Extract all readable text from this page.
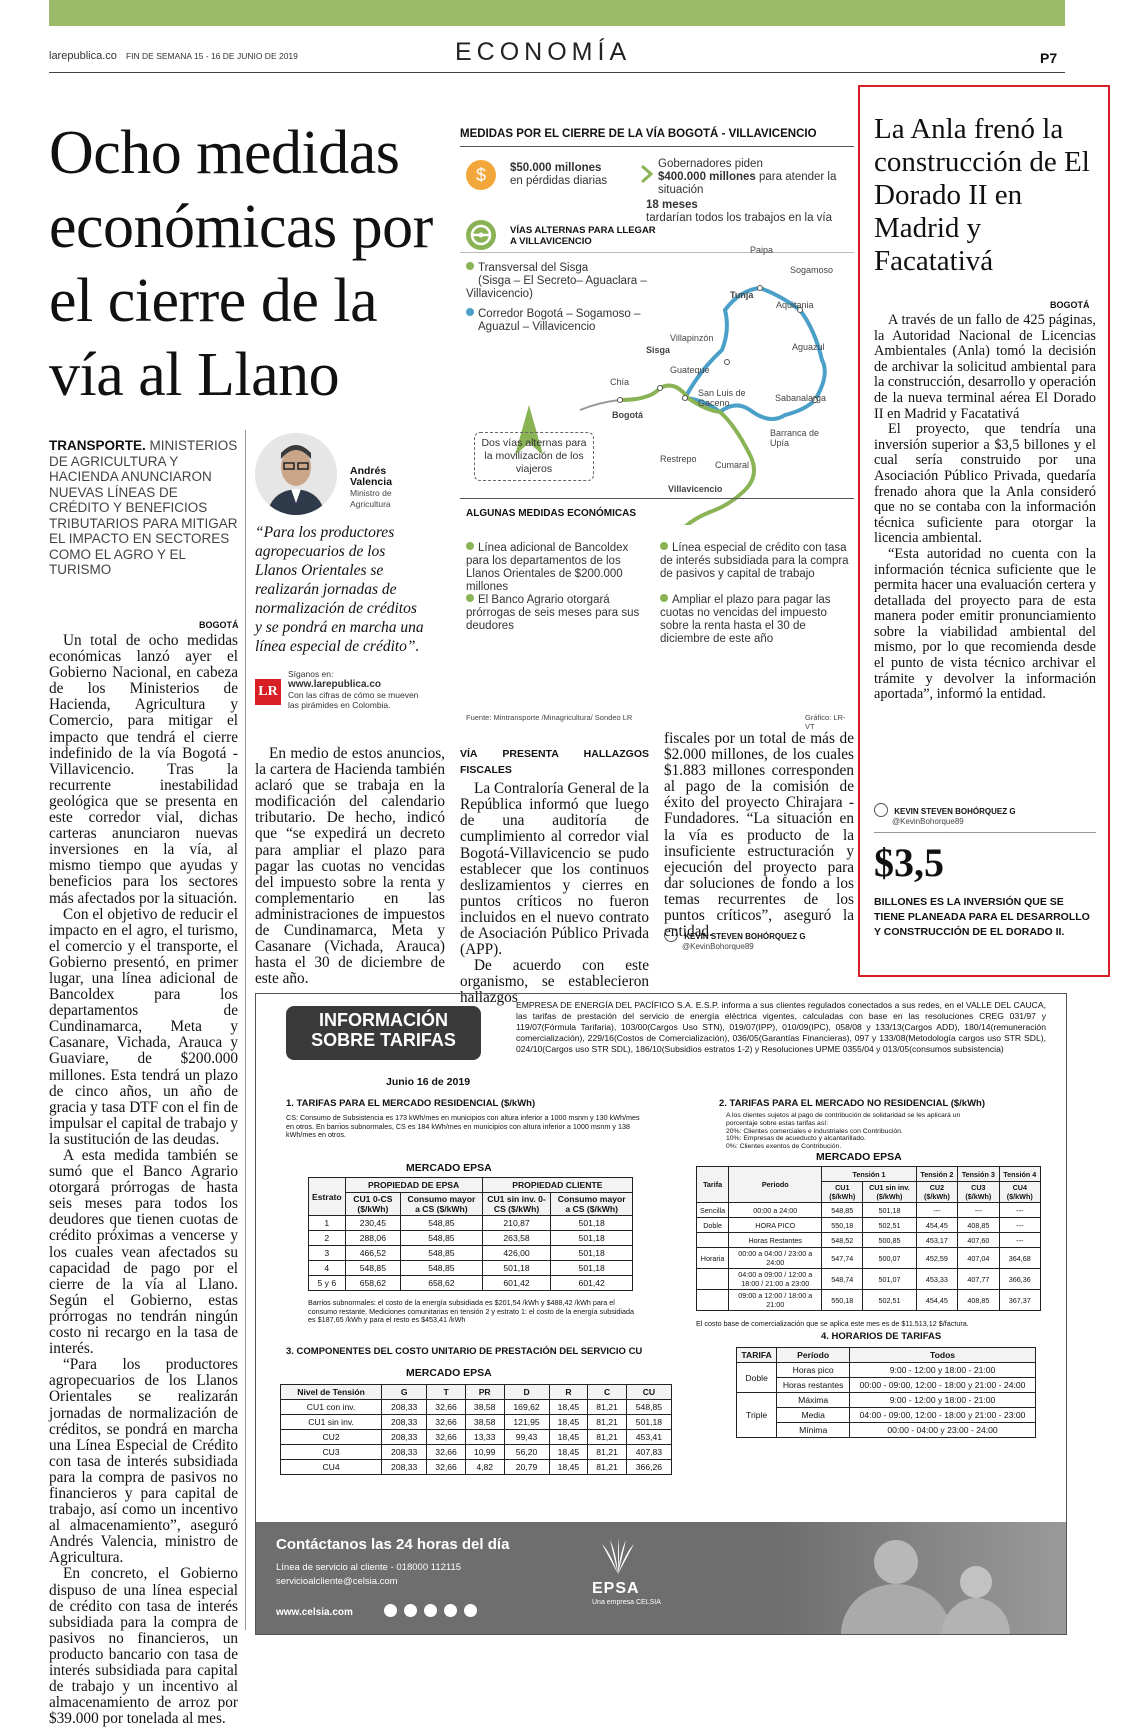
larepublica.co FIN DE SEMANA 15 - 16 DE JUNIO DE 2019	ECONOMÍA	P7
Ocho medidas económicas por el cierre de la vía al Llano
TRANSPORTE. MINISTERIOS DE AGRICULTURA Y HACIENDA ANUNCIARON NUEVAS LÍNEAS DE CRÉDITO Y BENEFICIOS TRIBUTARIOS PARA MITIGAR EL IMPACTO EN SECTORES COMO EL AGRO Y EL TURISMO
Andrés Valencia
Ministro de Agricultura
“Para los productores agropecuarios de los Llanos Orientales se realizarán jornadas de normalización de créditos y se pondrá en marcha una línea especial de crédito”.
LR
Síganos en:
www.larepublica.co
Con las cifras de cómo se mueven las pirámides en Colombia.
BOGOTÁ

Un total de ocho medidas económicas lanzó ayer el Gobierno Nacional, en cabeza de los Ministerios de Hacienda, Agricultura y Comercio, para mitigar el impacto que tendrá el cierre indefinido de la vía Bogotá - Villavicencio. Tras la recurrente inestabilidad geológica que se presenta en este corredor vial, dichas carteras anunciaron nuevas inversiones en la vía, al mismo tiempo que ayudas y beneficios para los sectores más afectados por la situación.

Con el objetivo de reducir el impacto en el agro, el turismo, el comercio y el transporte, el Gobierno presentó, en primer lugar, una línea adicional de Bancoldex para los departamentos de Cundinamarca, Meta y Casanare, Vichada, Arauca y Guaviare, de $200.000 millones. Esta tendrá un plazo de cinco años, un año de gracia y tasa DTF con el fin de impulsar el capital de trabajo y la sustitución de las deudas.

A esta medida también se sumó que el Banco Agrario otorgará prórrogas de hasta seis meses para todos los deudores que tienen cuotas de crédito próximas a vencerse y los cuales vean afectados su capacidad de pago por el cierre de la vía al Llano. Según el Gobierno, estas prórrogas no tendrán ningún costo ni recargo en la tasa de interés.

“Para los productores agropecuarios de los Llanos Orientales se realizarán jornadas de normalización de créditos, se pondrá en marcha una Línea Especial de Crédito con tasa de interés subsidiada para la compra de pasivos no financieros y para capital de trabajo, así como un incentivo al almacenamiento”, aseguró Andrés Valencia, ministro de Agricultura.

En concreto, el Gobierno dispuso de una línea especial de crédito con tasa de interés subsidiada para la compra de pasivos no financieros, un producto bancario con tasa de interés subsidiada para capital de trabajo y un incentivo al almacenamiento de arroz por $39.000 por tonelada al mes.

En medio de estos anuncios, la cartera de Hacienda también aclaró que se trabaja en la modificación del calendario tributario. De hecho, indicó que “se expedirá un decreto para ampliar el plazo para pagar las cuotas no vencidas del impuesto sobre la renta y complementario en las administraciones de impuestos de Cundinamarca, Meta y Casanare (Vichada, Arauca) hasta el 30 de diciembre de este año.

VÍA PRESENTA HALLAZGOS FISCALES

La Contraloría General de la República informó que luego de una auditoría de cumplimiento al corredor vial Bogotá-Villavicencio se pudo establecer que los continuos deslizamientos y cierres en puntos críticos no fueron incluidos en el nuevo contrato de Asociación Público Privada (APP).

De acuerdo con este organismo, se establecieron hallazgos

fiscales por un total de más de $2.000 millones, de los cuales $1.883 millones corresponden al pago de la comisión de éxito del proyecto Chirajara - Fundadores. “La situación en la vía es producto de la insuficiente estructuración y ejecución del proyecto para dar soluciones de fondo a los temas recurrentes de los puntos críticos”, aseguró la entidad.

KEVIN STEVEN BOHÓRQUEZ G
@KevinBohorque89
MEDIDAS POR EL CIERRE DE LA VÍA BOGOTÁ - VILLAVICENCIO
$	$50.000 millones
en pérdidas diarias
Gobernadores piden
$400.000 millones para atender la situación
18 meses
tardarían todos los trabajos en la vía
VÍAS ALTERNAS PARA LLEGAR A VILLAVICENCIO
Transversal del Sisga
(Sisga – El Secreto– Aguaclara – Villavicencio)
Corredor Bogotá – Sogamoso –
Aguazul – Villavicencio
N
Dos vías alternas para la movilización de los viajeros
Paipa
Sogamoso
Tunja
Aquitania
Villapinzón
Aguazul
Sisga
Guateque
Chía
San Luis de Gaceno	Sabanalarga
Bogotá
Barranca de Upía
Restrepo
Cumaral
Villavicencio
ALGUNAS MEDIDAS ECONÓMICAS
Línea adicional de Bancoldex para los departamentos de los Llanos Orientales de $200.000 millones
Línea especial de crédito con tasa de interés subsidiada para la compra de pasivos y capital de trabajo
El Banco Agrario otorgará prórrogas de seis meses para sus deudores
Ampliar el plazo para pagar las cuotas no vencidas del impuesto sobre la renta hasta el 30 de diciembre de este año
Fuente: Mintransporte /Minagricultura/ Sondeo LR	Gráfico: LR-VT
La Anla frenó la construcción de El Dorado II en Madrid y Facatativá
BOGOTÁ

A través de un fallo de 425 páginas, la Autoridad Nacional de Licencias Ambientales (Anla) tomó la decisión de archivar la solicitud ambiental para la construcción, desarrollo y operación de la nueva terminal aérea El Dorado II en Madrid y Facatativá

El proyecto, que tendría una inversión superior a $3,5 billones y el cual sería construido por una Asociación Público Privada, quedaría frenado ahora que la Anla consideró que no se contaba con la información técnica suficiente para otorgar la licencia ambiental.

“Esta autoridad no cuenta con la información técnica suficiente que le permita hacer una evaluación certera y detallada del proyecto para de esta manera poder emitir pronunciamiento sobre la viabilidad ambiental del mismo, por lo que recomienda desde el punto de vista técnico archivar el trámite y devolver la información aportada”, informó la entidad.

KEVIN STEVEN BOHÓRQUEZ G
@KevinBohorque89
$3,5
BILLONES ES LA INVERSIÓN QUE SE TIENE PLANEADA PARA EL DESARROLLO Y CONSTRUCCIÓN DE EL DORADO II.
INFORMACIÓN
SOBRE TARIFAS
EMPRESA DE ENERGÍA DEL PACÍFICO S.A. E.S.P. informa a sus clientes regulados conectados a sus redes, en el VALLE DEL CAUCA, las tarifas de prestación del servicio de energía eléctrica vigentes, calculadas con base en las resoluciones CREG 031/97 y 119/07(Fórmula Tarifaria), 103/00(Cargos Uso STN), 019/07(IPP), 010/09(IPC), 058/08 y 133/13(Cargos ADD), 180/14(remuneración comercialización), 229/16(Costos de Comercialización), 036/05(Garantías Financieras), 097 y 133/08(Metodología cargos uso STR SDL), 024/10(Cargos uso STR SDL), 186/10(Subsidios estratos 1-2) y Resoluciones UPME 0355/04 y 013/05(consumos subsistencia)
Junio 16 de 2019
1. TARIFAS PARA EL MERCADO RESIDENCIAL ($/kWh)
CS: Consumo de Subsistencia es 173 kWh/mes en municipios con altura inferior a 1000 msnm y 130 kWh/mes en otros. En barrios subnormales, CS es 184 kWh/mes en municipios con altura inferior a 1000 msnm y 138 kWh/mes en otros.
MERCADO EPSA
Estrato	PROPIEDAD DE EPSA		PROPIEDAD CLIENTE	
	CU1 0-CS ($/kWh)	Consumo mayor a CS ($/kWh)	CU1 sin inv. 0-CS ($/kWh)	Consumo mayor a CS ($/kWh)
1	230,45	548,85	210,87	501,18
2	288,06	548,85	263,58	501,18
3	466,52	548,85	426,00	501,18
4	548,85	548,85	501,18	501,18
5 y 6	658,62	658,62	601,42	601,42
Barrios subnormales: el costo de la energía subsidiada es $201,54 /kWh y $488,42 /kWh para el consumo restante. Mediciones comunitarias en tensión 2 y estrato 1: el costo de la energía subsidiada es $187,65 /kWh y para el resto es $453,41 /kWh
2. TARIFAS PARA EL MERCADO NO RESIDENCIAL ($/kWh)
A los clientes sujetos al pago de contribución de solidaridad se les aplicará un porcentaje sobre estas tarifas así:
20%: Clientes comerciales e industriales con Contribución.
10%: Empresas de acueducto y alcantarillado.
0%: Clientes exentos de Contribución.
MERCADO EPSA
Tarifa	Periodo	Tensión 1		Tensión 2	Tensión 3	Tensión 4
		CU1 ($/kWh)	CU1 sin inv. ($/kWh)	CU2 ($/kWh)	CU3 ($/kWh)	CU4 ($/kWh)
Sencilla	00:00 a 24:00	548,85	501,18	---	---	---
Doble	HORA PICO	550,18	502,51	454,45	408,85	---
	Horas Restantes	548,52	500,85	453,17	407,60	---
Horaria	00:00 a 04:00 / 23:00 a 24:00	547,74	500,07	452,59	407,04	364,68
	04:00 a 09:00 / 12:00 a 18:00 / 21:00 a 23:00	548,74	501,07	453,33	407,77	366,36
	09:00 a 12:00 / 18:00 a 21:00	550,18	502,51	454,45	408,85	367,37
El costo base de comercialización que se aplica este mes es de $11.513,12 $/factura.
3. COMPONENTES DEL COSTO UNITARIO DE PRESTACIÓN DEL SERVICIO CU
MERCADO EPSA
Nivel de Tensión	G	T	PR	D	R	C	CU
CU1 con inv.	208,33	32,66	38,58	169,62	18,45	81,21	548,85
CU1 sin inv.	208,33	32,66	38,58	121,95	18,45	81,21	501,18
CU2	208,33	32,66	13,33	99,43	18,45	81,21	453,41
CU3	208,33	32,66	10,99	56,20	18,45	81,21	407,83
CU4	208,33	32,66	4,82	20,79	18,45	81,21	366,26
4. HORARIOS DE TARIFAS
TARIFA	Período	Todos
Doble	Horas pico	9:00 - 12:00 y 18:00 - 21:00
	Horas restantes	00:00 - 09:00, 12:00 - 18:00 y 21:00 - 24:00
Triple	Máxima	9:00 - 12:00 y 18:00 - 21:00
	Media	04:00 - 09:00, 12:00 - 18:00 y 21:00 - 23:00
	Mínima	00:00 - 04:00 y 23:00 - 24:00
Contáctanos las 24 horas del día
Línea de servicio al cliente - 018000 112115
servicioalcliente@celsia.com
www.celsia.com

EPSA
Una empresa CELSIA
